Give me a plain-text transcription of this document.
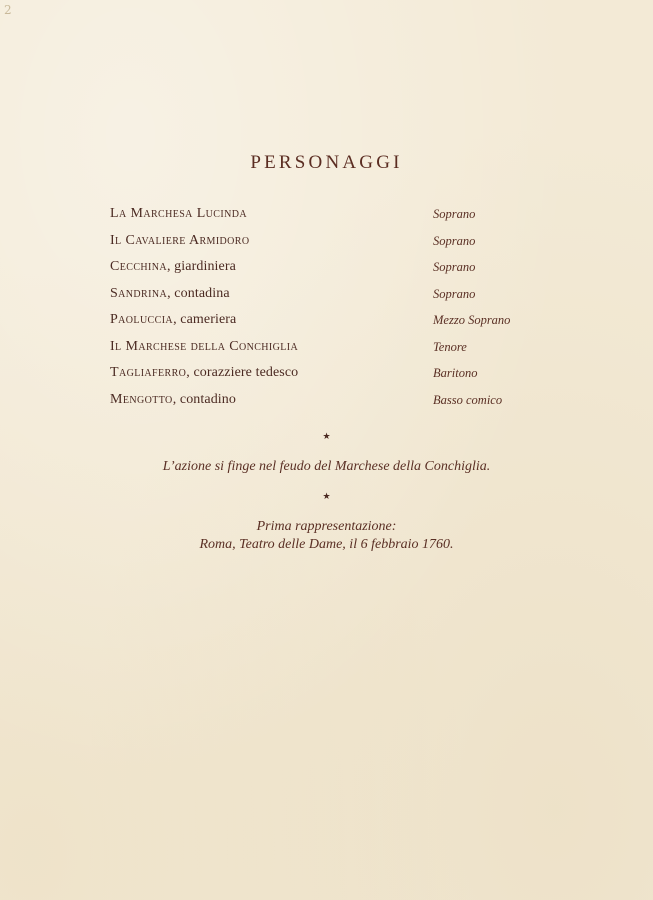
2
PERSONAGGI
La Marchesa Lucinda	Soprano
Il Cavaliere Armidoro	Soprano
Cecchina, giardiniera	Soprano
Sandrina, contadina	Soprano
Paoluccia, cameriera	Mezzo Soprano
Il Marchese della Conchiglia	Tenore
Tagliaferro, corazziere tedesco	Baritono
Mengotto, contadino	Basso comico
★
L’azione si finge nel feudo del Marchese della Conchiglia.
★
Prima rappresentazione:
Roma, Teatro delle Dame, il 6 febbraio 1760.
